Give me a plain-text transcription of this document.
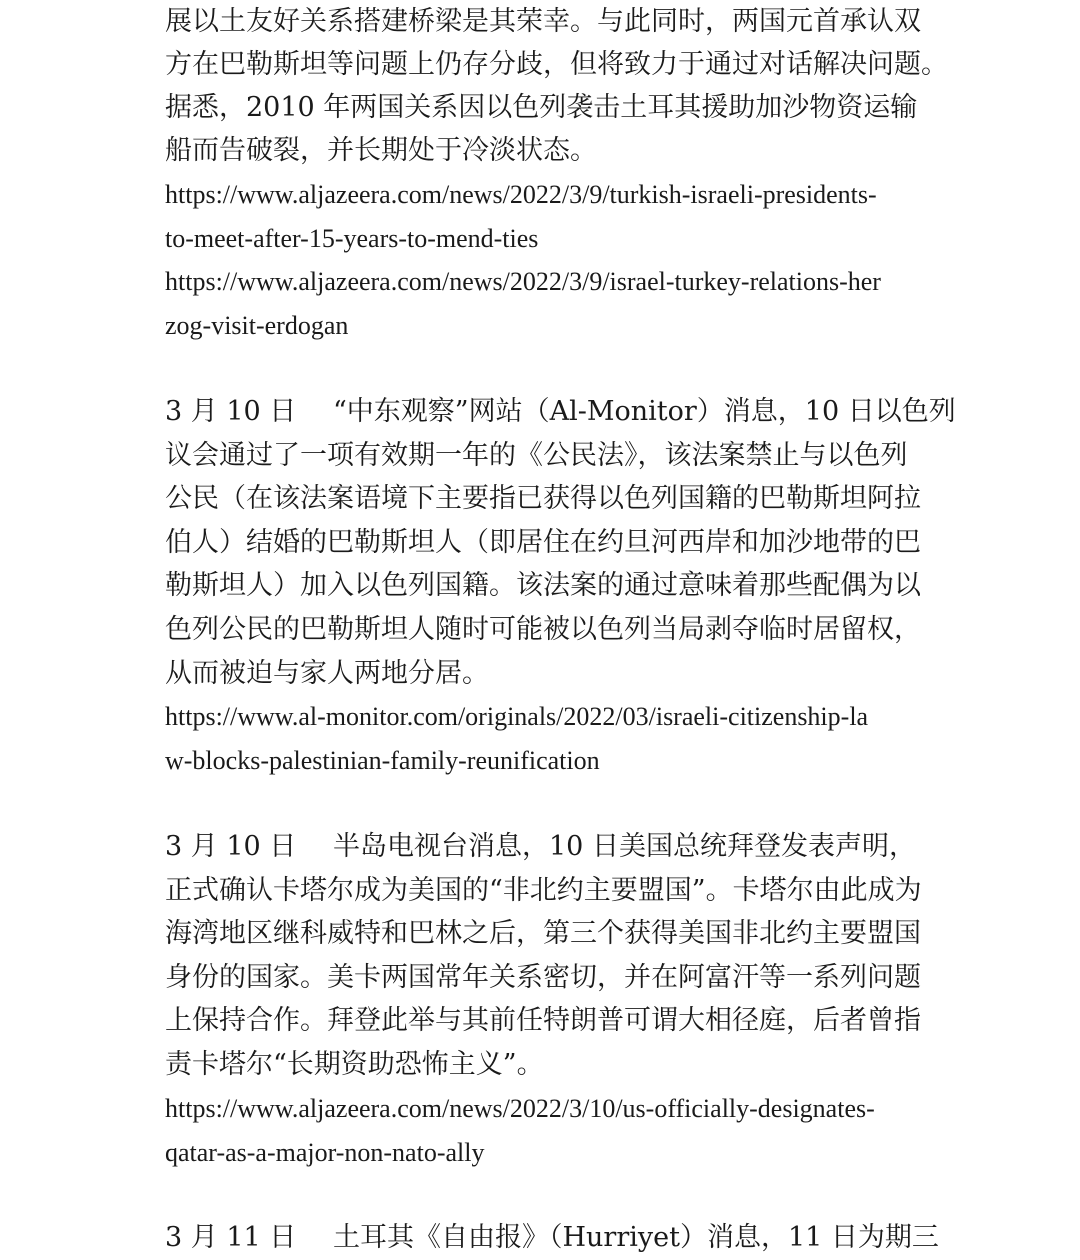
展以土友好关系搭建桥梁是其荣幸。与此同时，两国元首承认双
方在巴勒斯坦等问题上仍存分歧，但将致力于通过对话解决问题。
据悉，2010 年两国关系因以色列袭击土耳其援助加沙物资运输
船而告破裂，并长期处于冷淡状态。
https://www.aljazeera.com/news/2022/3/9/turkish-israeli-presidents-
to-meet-after-15-years-to-mend-ties
https://www.aljazeera.com/news/2022/3/9/israel-turkey-relations-her
zog-visit-erdogan
3 月 10 日 “中东观察”网站（Al-Monitor）消息，10 日以色列
议会通过了一项有效期一年的《公民法》，该法案禁止与以色列
公民（在该法案语境下主要指已获得以色列国籍的巴勒斯坦阿拉
伯人）结婚的巴勒斯坦人（即居住在约旦河西岸和加沙地带的巴
勒斯坦人）加入以色列国籍。该法案的通过意味着那些配偶为以
色列公民的巴勒斯坦人随时可能被以色列当局剥夺临时居留权，
从而被迫与家人两地分居。
https://www.al-monitor.com/originals/2022/03/israeli-citizenship-la
w-blocks-palestinian-family-reunification
3 月 10 日 半岛电视台消息，10 日美国总统拜登发表声明，
正式确认卡塔尔成为美国的“非北约主要盟国”。卡塔尔由此成为
海湾地区继科威特和巴林之后，第三个获得美国非北约主要盟国
身份的国家。美卡两国常年关系密切，并在阿富汗等一系列问题
上保持合作。拜登此举与其前任特朗普可谓大相径庭，后者曾指
责卡塔尔“长期资助恐怖主义”。
https://www.aljazeera.com/news/2022/3/10/us-officially-designates-
qatar-as-a-major-non-nato-ally
3 月 11 日 土耳其《自由报》（Hurriyet）消息，11 日为期三
